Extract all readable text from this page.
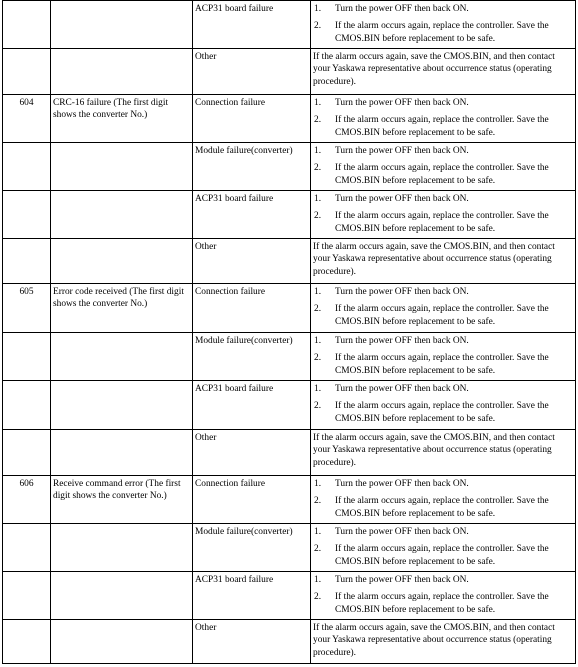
		ACP31 board failure	1. Turn the power OFF then back ON.
2. If the alarm occurs again, replace the controller. Save the CMOS.BIN before replacement to be safe.

		Other	If the alarm occurs again, save the CMOS.BIN, and then contact your Yaskawa representative about occurrence status (operating procedure).

604	CRC-16 failure (The first digit shows the converter No.)	Connection failure	1. Turn the power OFF then back ON.
2. If the alarm occurs again, replace the controller. Save the CMOS.BIN before replacement to be safe.

		Module failure(converter)	1. Turn the power OFF then back ON.
2. If the alarm occurs again, replace the controller. Save the CMOS.BIN before replacement to be safe.

		ACP31 board failure	1. Turn the power OFF then back ON.
2. If the alarm occurs again, replace the controller. Save the CMOS.BIN before replacement to be safe.

		Other	If the alarm occurs again, save the CMOS.BIN, and then contact your Yaskawa representative about occurrence status (operating procedure).

605	Error code received (The first digit shows the converter No.)	Connection failure	1. Turn the power OFF then back ON.
2. If the alarm occurs again, replace the controller. Save the CMOS.BIN before replacement to be safe.

		Module failure(converter)	1. Turn the power OFF then back ON.
2. If the alarm occurs again, replace the controller. Save the CMOS.BIN before replacement to be safe.

		ACP31 board failure	1. Turn the power OFF then back ON.
2. If the alarm occurs again, replace the controller. Save the CMOS.BIN before replacement to be safe.

		Other	If the alarm occurs again, save the CMOS.BIN, and then contact your Yaskawa representative about occurrence status (operating procedure).

606	Receive command error (The first digit shows the converter No.)	Connection failure	1. Turn the power OFF then back ON.
2. If the alarm occurs again, replace the controller. Save the CMOS.BIN before replacement to be safe.

		Module failure(converter)	1. Turn the power OFF then back ON.
2. If the alarm occurs again, replace the controller. Save the CMOS.BIN before replacement to be safe.

		ACP31 board failure	1. Turn the power OFF then back ON.
2. If the alarm occurs again, replace the controller. Save the CMOS.BIN before replacement to be safe.

		Other	If the alarm occurs again, save the CMOS.BIN, and then contact your Yaskawa representative about occurrence status (operating procedure).
